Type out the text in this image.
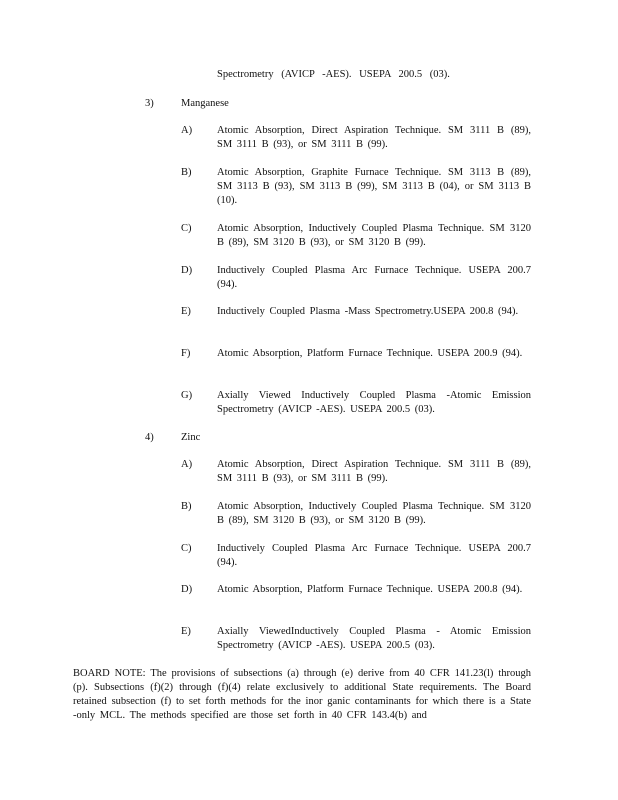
Spectrometry (AVICP -AES). USEPA 200.5 (03).
3)	Manganese
A) Atomic Absorption, Direct Aspiration Technique. SM 3111 B (89), SM 3111 B (93), or SM 3111 B (99).
B) Atomic Absorption, Graphite Furnace Technique. SM 3113 B (89), SM 3113 B (93), SM 3113 B (99), SM 3113 B (04), or SM 3113 B (10).
C) Atomic Absorption, Inductively Coupled Plasma Technique. SM 3120 B (89), SM 3120 B (93), or SM 3120 B (99).
D) Inductively Coupled Plasma Arc Furnace Technique. USEPA 200.7 (94).
E) Inductively Coupled Plasma -Mass Spectrometry.USEPA 200.8 (94).
F)	Atomic Absorption, Platform Furnace Technique. USEPA 200.9 (94).
G) Axially Viewed Inductively Coupled Plasma -Atomic Emission Spectrometry (AVICP -AES). USEPA 200.5 (03).
4)	Zinc
A) Atomic Absorption, Direct Aspiration Technique. SM 3111 B (89), SM 3111 B (93), or SM 3111 B (99).
B) Atomic Absorption, Inductively Coupled Plasma Technique. SM 3120 B (89), SM 3120 B (93), or SM 3120 B (99).
C) Inductively Coupled Plasma Arc Furnace Technique. USEPA 200.7 (94).
D) Atomic Absorption, Platform Furnace Technique. USEPA 200.8 (94).
E) Axially ViewedInductively Coupled Plasma - Atomic Emission Spectrometry (AVICP -AES). USEPA 200.5 (03).
BOARD NOTE: The provisions of subsections (a) through (e) derive from 40 CFR 141.23(l) through (p). Subsections (f)(2) through (f)(4) relate exclusively to additional State requirements. The Board retained subsection (f) to set forth methods for the inor ganic contaminants for which there is a State -only MCL. The methods specified are those set forth in 40 CFR 143.4(b) and
